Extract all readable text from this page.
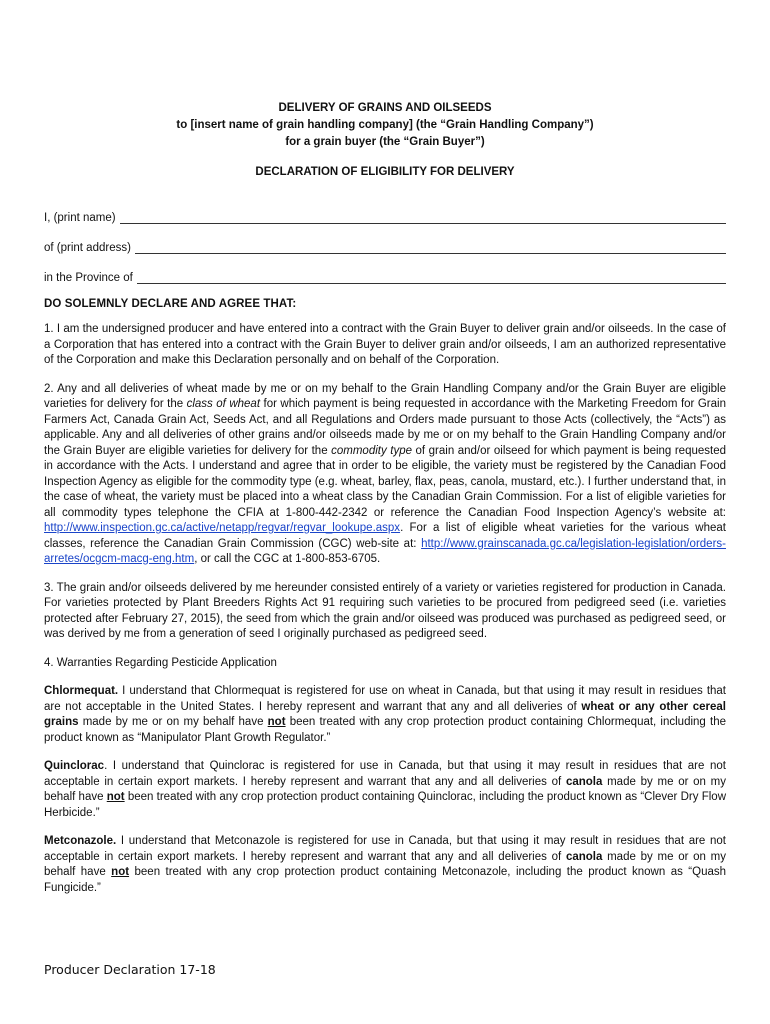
DELIVERY OF GRAINS AND OILSEEDS
to [insert name of grain handling company] (the “Grain Handling Company”)
for a grain buyer (the “Grain Buyer”)
DECLARATION OF ELIGIBILITY FOR DELIVERY
I, (print name)
of (print address)
in the Province of
DO SOLEMNLY DECLARE AND AGREE THAT:

1. I am the undersigned producer and have entered into a contract with the Grain Buyer to deliver grain and/or oilseeds. In the case of a Corporation that has entered into a contract with the Grain Buyer to deliver grain and/or oilseeds, I am an authorized representative of the Corporation and make this Declaration personally and on behalf of the Corporation.

2. Any and all deliveries of wheat made by me or on my behalf to the Grain Handling Company and/or the Grain Buyer are eligible varieties for delivery for the class of wheat for which payment is being requested in accordance with the Marketing Freedom for Grain Farmers Act, Canada Grain Act, Seeds Act, and all Regulations and Orders made pursuant to those Acts (collectively, the “Acts”) as applicable. Any and all deliveries of other grains and/or oilseeds made by me or on my behalf to the Grain Handling Company and/or the Grain Buyer are eligible varieties for delivery for the commodity type of grain and/or oilseed for which payment is being requested in accordance with the Acts. I understand and agree that in order to be eligible, the variety must be registered by the Canadian Food Inspection Agency as eligible for the commodity type (e.g. wheat, barley, flax, peas, canola, mustard, etc.). I further understand that, in the case of wheat, the variety must be placed into a wheat class by the Canadian Grain Commission. For a list of eligible varieties for all commodity types telephone the CFIA at 1-800-442-2342 or reference the Canadian Food Inspection Agency’s website at: http://www.inspection.gc.ca/active/netapp/regvar/regvar_lookupe.aspx. For a list of eligible wheat varieties for the various wheat classes, reference the Canadian Grain Commission (CGC) web-site at: http://www.grainscanada.gc.ca/legislation-legislation/orders-arretes/ocgcm-macg-eng.htm, or call the CGC at 1-800-853-6705.

3. The grain and/or oilseeds delivered by me hereunder consisted entirely of a variety or varieties registered for production in Canada. For varieties protected by Plant Breeders Rights Act 91 requiring such varieties to be procured from pedigreed seed (i.e. varieties protected after February 27, 2015), the seed from which the grain and/or oilseed was produced was purchased as pedigreed seed, or was derived by me from a generation of seed I originally purchased as pedigreed seed.

4. Warranties Regarding Pesticide Application

Chlormequat. I understand that Chlormequat is registered for use on wheat in Canada, but that using it may result in residues that are not acceptable in the United States. I hereby represent and warrant that any and all deliveries of wheat or any other cereal grains made by me or on my behalf have not been treated with any crop protection product containing Chlormequat, including the product known as “Manipulator Plant Growth Regulator.”

Quinclorac. I understand that Quinclorac is registered for use in Canada, but that using it may result in residues that are not acceptable in certain export markets. I hereby represent and warrant that any and all deliveries of canola made by me or on my behalf have not been treated with any crop protection product containing Quinclorac, including the product known as “Clever Dry Flow Herbicide.”

Metconazole. I understand that Metconazole is registered for use in Canada, but that using it may result in residues that are not acceptable in certain export markets. I hereby represent and warrant that any and all deliveries of canola made by me or on my behalf have not been treated with any crop protection product containing Metconazole, including the product known as “Quash Fungicide.”

Producer Declaration 17-18
